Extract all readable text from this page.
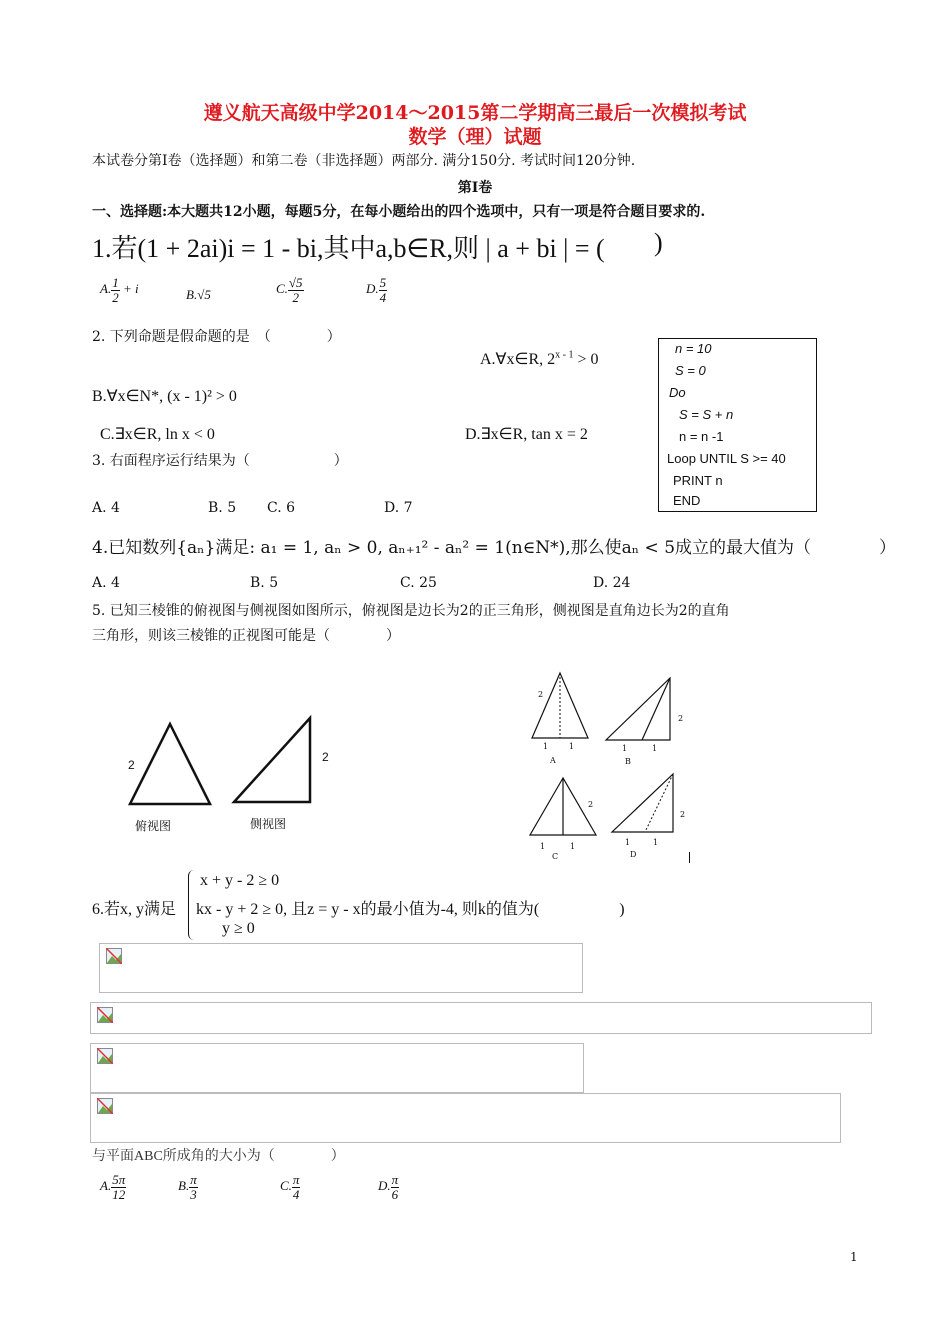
遵义航天高级中学2014～2015第二学期高三最后一次模拟考试
数学（理）试题
本试卷分第Ⅰ卷（选择题）和第二卷（非选择题）两部分. 满分150分. 考试时间120分钟.
第Ⅰ卷
一、选择题:本大题共12小题，每题5分，在每小题给出的四个选项中，只有一项是符合题目要求的.
1.若(1 + 2ai)i = 1 - bi,其中a,b∈R,则 | a + bi | = ( )
A. $\frac{1}{2} + i$	B.√5	C. $\frac{√5}{2}$	D. $\frac{5}{4}$
2. 下列命题是假命题的是　（　　　　）
A.∀x∈R, $2^{x - 1} > 0$
B.∀x∈N*, (x - 1)² > 0
C.∃x∈R, ln x < 0	D.∃x∈R, tan x = 2
n = 10
S = 0
Do
S = S + n
n = n -1
Loop UNTIL S >= 40
PRINT n
END
3. 右面程序运行结果为（　　　　　　）
A. 4	B. 5 C. 6	D. 7
4.已知数列{aₙ}满足: a₁ = 1, aₙ > 0, aₙ₊₁² - aₙ² = 1(n∈N*),那么使aₙ < 5成立的最大值为（　　　　）
A. 4	B. 5	C. 25	D. 24
5. 已知三棱锥的俯视图与侧视图如图所示，俯视图是边长为2的正三角形，侧视图是直角边长为2的直角
三角形，则该三棱锥的正视图可能是（　　　　）
2
2
俯视图	侧视图
2
1	1
A
2
1	1
B
2
1	1
C
2
1	1
D
6.若x, y满足
x + y - 2 ≥ 0
kx - y + 2 ≥ 0, 且z = y - x的最小值为-4, 则k的值为(　　　　　)
y ≥ 0
与平面ABC所成角的大小为（　　　　）
A. $\frac{5\pi}{12}$	B. $\frac{\pi}{3}$	C. $\frac{\pi}{4}$	D. $\frac{\pi}{6}$
1
